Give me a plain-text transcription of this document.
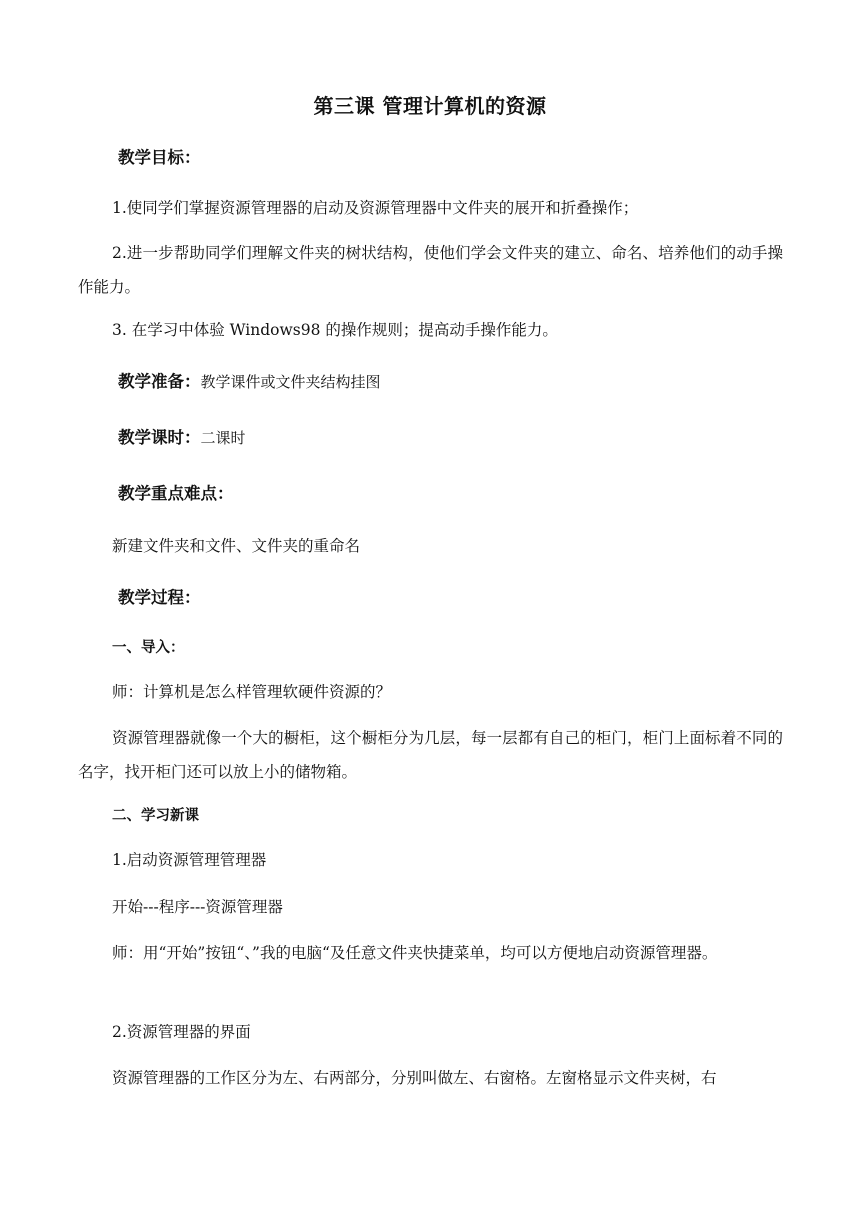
第三课 管理计算机的资源
教学目标：
1.使同学们掌握资源管理器的启动及资源管理器中文件夹的展开和折叠操作；
2.进一步帮助同学们理解文件夹的树状结构，使他们学会文件夹的建立、命名、培养他们的动手操作能力。
3. 在学习中体验 Windows98 的操作规则；提高动手操作能力。
教学准备：教学课件或文件夹结构挂图
教学课时：二课时
教学重点难点：
新建文件夹和文件、文件夹的重命名
教学过程：
一、导入：
师：计算机是怎么样管理软硬件资源的？
资源管理器就像一个大的橱柜，这个橱柜分为几层，每一层都有自己的柜门，柜门上面标着不同的名字，找开柜门还可以放上小的储物箱。
二、学习新课
1.启动资源管理管理器
开始---程序---资源管理器
师：用“开始”按钮“、”我的电脑“及任意文件夹快捷菜单，均可以方便地启动资源管理器。
2.资源管理器的界面
资源管理器的工作区分为左、右两部分，分别叫做左、右窗格。左窗格显示文件夹树，右
